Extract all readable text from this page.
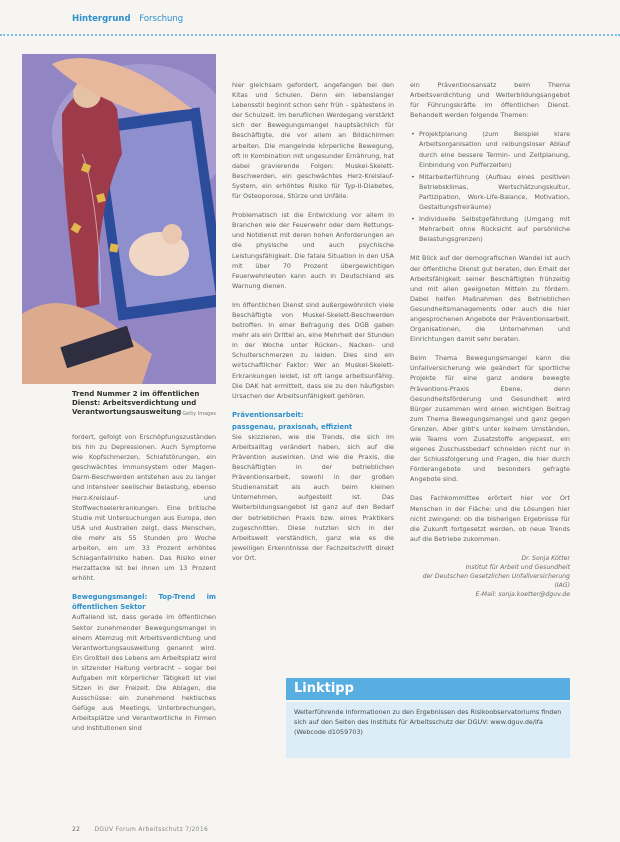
Hintergrund Forschung
Trend Nummer 2 im öffentlichen Dienst: Arbeitsverdichtung und Verantwortungsausweitung Getty Images

fordert, gefolgt von Erschöpfungszuständen bis hin zu Depressionen. Auch Symptome wie Kopfschmerzen, Schlafstörungen, ein geschwächtes Immunsystem oder Magen-Darm-Beschwerden entstehen aus zu langer und intensiver seelischer Belastung, ebenso Herz-Kreislauf- und Stoffwechselerkrankungen. Eine britische Studie mit Untersuchungen aus Europa, den USA und Australien zeigt, dass Menschen, die mehr als 55 Stunden pro Woche arbeiten, ein um 33 Prozent erhöhtes Schlaganfallrisiko haben. Das Risiko einer Herzattacke ist bei ihnen um 13 Prozent erhöht.

Bewegungsmangel: Top-Trend im öffentlichen Sektor

Auffallend ist, dass gerade im öffentlichen Sektor zunehmender Bewegungsmangel in einem Atemzug mit Arbeitsverdichtung und Verantwortungsausweitung genannt wird. Ein Großteil des Lebens am Arbeitsplatz wird in sitzender Haltung verbracht – sogar bei Aufgaben mit körperlicher Tätigkeit ist viel Sitzen in der Freizeit. Die Ablagen, die Ausschüsse: ein zunehmend hektisches Gefüge aus Meetings, Unterbrechungen, Arbeitsplätze und Verantwortliche in Firmen und Institutionen sind

hier gleichsam gefordert, angefangen bei den Kitas und Schulen. Denn ein lebenslanger Lebensstil beginnt schon sehr früh – spätestens in der Schulzeit. Im beruflichen Werdegang verstärkt sich der Bewegungsmangel hauptsächlich für Beschäftigte, die vor allem an Bildschirmen arbeiten. Die mangelnde körperliche Bewegung, oft in Kombination mit ungesunder Ernährung, hat dabei gravierende Folgen: Muskel-Skelett-Beschwerden, ein geschwächtes Herz-Kreislauf-System, ein erhöhtes Risiko für Typ-II-Diabetes, für Osteoporose, Stürze und Unfälle.

Problematisch ist die Entwicklung vor allem in Branchen wie der Feuerwehr oder dem Rettungs- und Notdienst mit deren hohen Anforderungen an die physische und auch psychische Leistungsfähigkeit. Die fatale Situation in den USA mit über 70 Prozent übergewichtigen Feuerwehrleuten kann auch in Deutschland als Warnung dienen.

Im öffentlichen Dienst sind außergewöhnlich viele Beschäftigte von Muskel-Skelett-Beschwerden betroffen. In einer Befragung des DGB gaben mehr als ein Drittel an, eine Mehrheit der Stunden in der Woche unter Rücken-, Nacken- und Schulterschmerzen zu leiden. Dies sind ein wirtschaftlicher Faktor: Wer an Muskel-Skelett-Erkrankungen leidet, ist oft lange arbeitsunfähig. Die DAK hat ermittelt, dass sie zu den häufigsten Ursachen der Arbeitsunfähigkeit gehören.

Präventionsarbeit:
passgenau, praxisnah, effizient

Sie skizzieren, wie die Trends, die sich im Arbeitsalltag verändert haben, sich auf die Prävention auswirken. Und wie die Praxis, die Beschäftigten in der betrieblichen Präventionsarbeit, sowohl in der großen Studienanstalt als auch beim kleinen Unternehmen, aufgestellt ist. Das Weiterbildungsangebot ist ganz auf den Bedarf der betrieblichen Praxis bzw. eines Praktikers zugeschnitten. Diese nutzten sich in der Arbeitswelt verständlich, ganz wie es die jeweiligen Erkenntnisse der Fachzeitschrift direkt vor Ort.

ein Präventionsansatz beim Thema Arbeitsverdichtung und Weiterbildungsangebot für Führungskräfte im öffentlichen Dienst. Behandelt werden folgende Themen:

• Projektplanung (zum Beispiel klare Arbeitsorganisation und reibungsloser Ablauf durch eine bessere Termin- und Zeitplanung, Einbindung von Pufferzeiten)
• Mitarbeiterführung (Aufbau eines positiven Betriebsklimas, Wertschätzungskultur, Partizipation, Work-Life-Balance, Motivation, Gestaltungsfreiräume)
• Individuelle Selbstgefährdung (Umgang mit Mehrarbeit ohne Rücksicht auf persönliche Belastungsgrenzen)

Mit Blick auf der demografischen Wandel ist auch der öffentliche Dienst gut beraten, den Erhalt der Arbeitsfähigkeit seiner Beschäftigten frühzeitig und mit allen geeigneten Mitteln zu fördern. Dabei helfen Maßnahmen des Betrieblichen Gesundheitsmanagements oder auch die hier angesprochenen Angebote der Präventionsarbeit. Organisationen, die Unternehmen und Einrichtungen damit sehr beraten.

Beim Thema Bewegungsmangel kann die Unfallversicherung wie geändert für sportliche Projekte für eine ganz andere bewegte Präventions-Praxis Ebene, denn Gesundheitsförderung und Gesundheit wird Bürger zusammen wird einen wichtigen Beitrag zum Thema Bewegungsmangel und ganz gegen Grenzen. Aber gibt's unter keinem Umständen, wie Teams vom Zusatzstoffe angepasst, ein eigenes Zuschussbedarf schneiden nicht nur in der Schlussfolgerung und Fragen, die hier durch Förderangebote und besonders gefragte Angebote sind.

Das Fachkommittee erörtert hier vor Ort Menschen in der Fläche: und die Lösungen hier nicht zwingend: ob die bisherigen Ergebnisse für die Zukunft fortgesetzt werden, ob neue Trends auf die Betriebe zukommen.

Dr. Sonja Kötter
Institut für Arbeit und Gesundheit
der Deutschen Gesetzlichen Unfallversicherung (IAG)
E-Mail: sonja.koetter@dguv.de
Linktipp
Weiterführende Informationen zu den Ergebnissen des Risikoobservatoriums finden sich auf den Seiten des Instituts für Arbeitsschutz der DGUV: www.dguv.de/ifa (Webcode d1059703)
22 DGUV Forum Arbeitsschutz 7/2016
